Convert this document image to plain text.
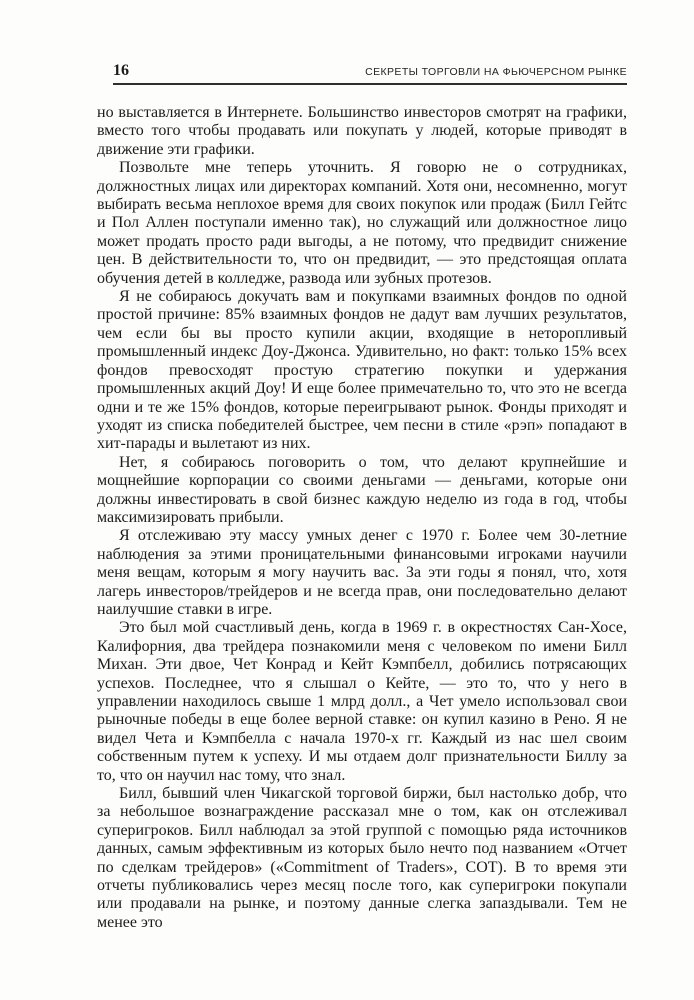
16	СЕКРЕТЫ ТОРГОВЛИ НА ФЬЮЧЕРСНОМ РЫНКЕ

но выставляется в Интернете. Большинство инвесторов смотрят на графики, вместо того чтобы продавать или покупать у людей, которые приводят в движение эти графики.

Позвольте мне теперь уточнить. Я говорю не о сотрудниках, должностных лицах или директорах компаний. Хотя они, несомненно, могут выбирать весьма неплохое время для своих покупок или продаж (Билл Гейтс и Пол Аллен поступали именно так), но служащий или должностное лицо может продать просто ради выгоды, а не потому, что предвидит снижение цен. В действительности то, что он предвидит, — это предстоящая оплата обучения детей в колледже, развода или зубных протезов.

Я не собираюсь докучать вам и покупками взаимных фондов по одной простой причине: 85% взаимных фондов не дадут вам лучших результатов, чем если бы вы просто купили акции, входящие в неторопливый промышленный индекс Доу-Джонса. Удивительно, но факт: только 15% всех фондов превосходят простую стратегию покупки и удержания промышленных акций Доу! И еще более примечательно то, что это не всегда одни и те же 15% фондов, которые переигрывают рынок. Фонды приходят и уходят из списка победителей быстрее, чем песни в стиле «рэп» попадают в хит-парады и вылетают из них.

Нет, я собираюсь поговорить о том, что делают крупнейшие и мощнейшие корпорации со своими деньгами — деньгами, которые они должны инвестировать в свой бизнес каждую неделю из года в год, чтобы максимизировать прибыли.

Я отслеживаю эту массу умных денег с 1970 г. Более чем 30-летние наблюдения за этими проницательными финансовыми игроками научили меня вещам, которым я могу научить вас. За эти годы я понял, что, хотя лагерь инвесторов/трейдеров и не всегда прав, они последовательно делают наилучшие ставки в игре.

Это был мой счастливый день, когда в 1969 г. в окрестностях Сан-Хосе, Калифорния, два трейдера познакомили меня с человеком по имени Билл Михан. Эти двое, Чет Конрад и Кейт Кэмпбелл, добились потрясающих успехов. Последнее, что я слышал о Кейте, — это то, что у него в управлении находилось свыше 1 млрд долл., а Чет умело использовал свои рыночные победы в еще более верной ставке: он купил казино в Рено. Я не видел Чета и Кэмпбелла с начала 1970-х гг. Каждый из нас шел своим собственным путем к успеху. И мы отдаем долг признательности Биллу за то, что он научил нас тому, что знал.

Билл, бывший член Чикагской торговой биржи, был настолько добр, что за небольшое вознаграждение рассказал мне о том, как он отслеживал суперигроков. Билл наблюдал за этой группой с помощью ряда источников данных, самым эффективным из которых было нечто под названием «Отчет по сделкам трейдеров» («Commitment of Traders», СОТ). В то время эти отчеты публиковались через месяц после того, как суперигроки покупали или продавали на рынке, и поэтому данные слегка запаздывали. Тем не менее это
